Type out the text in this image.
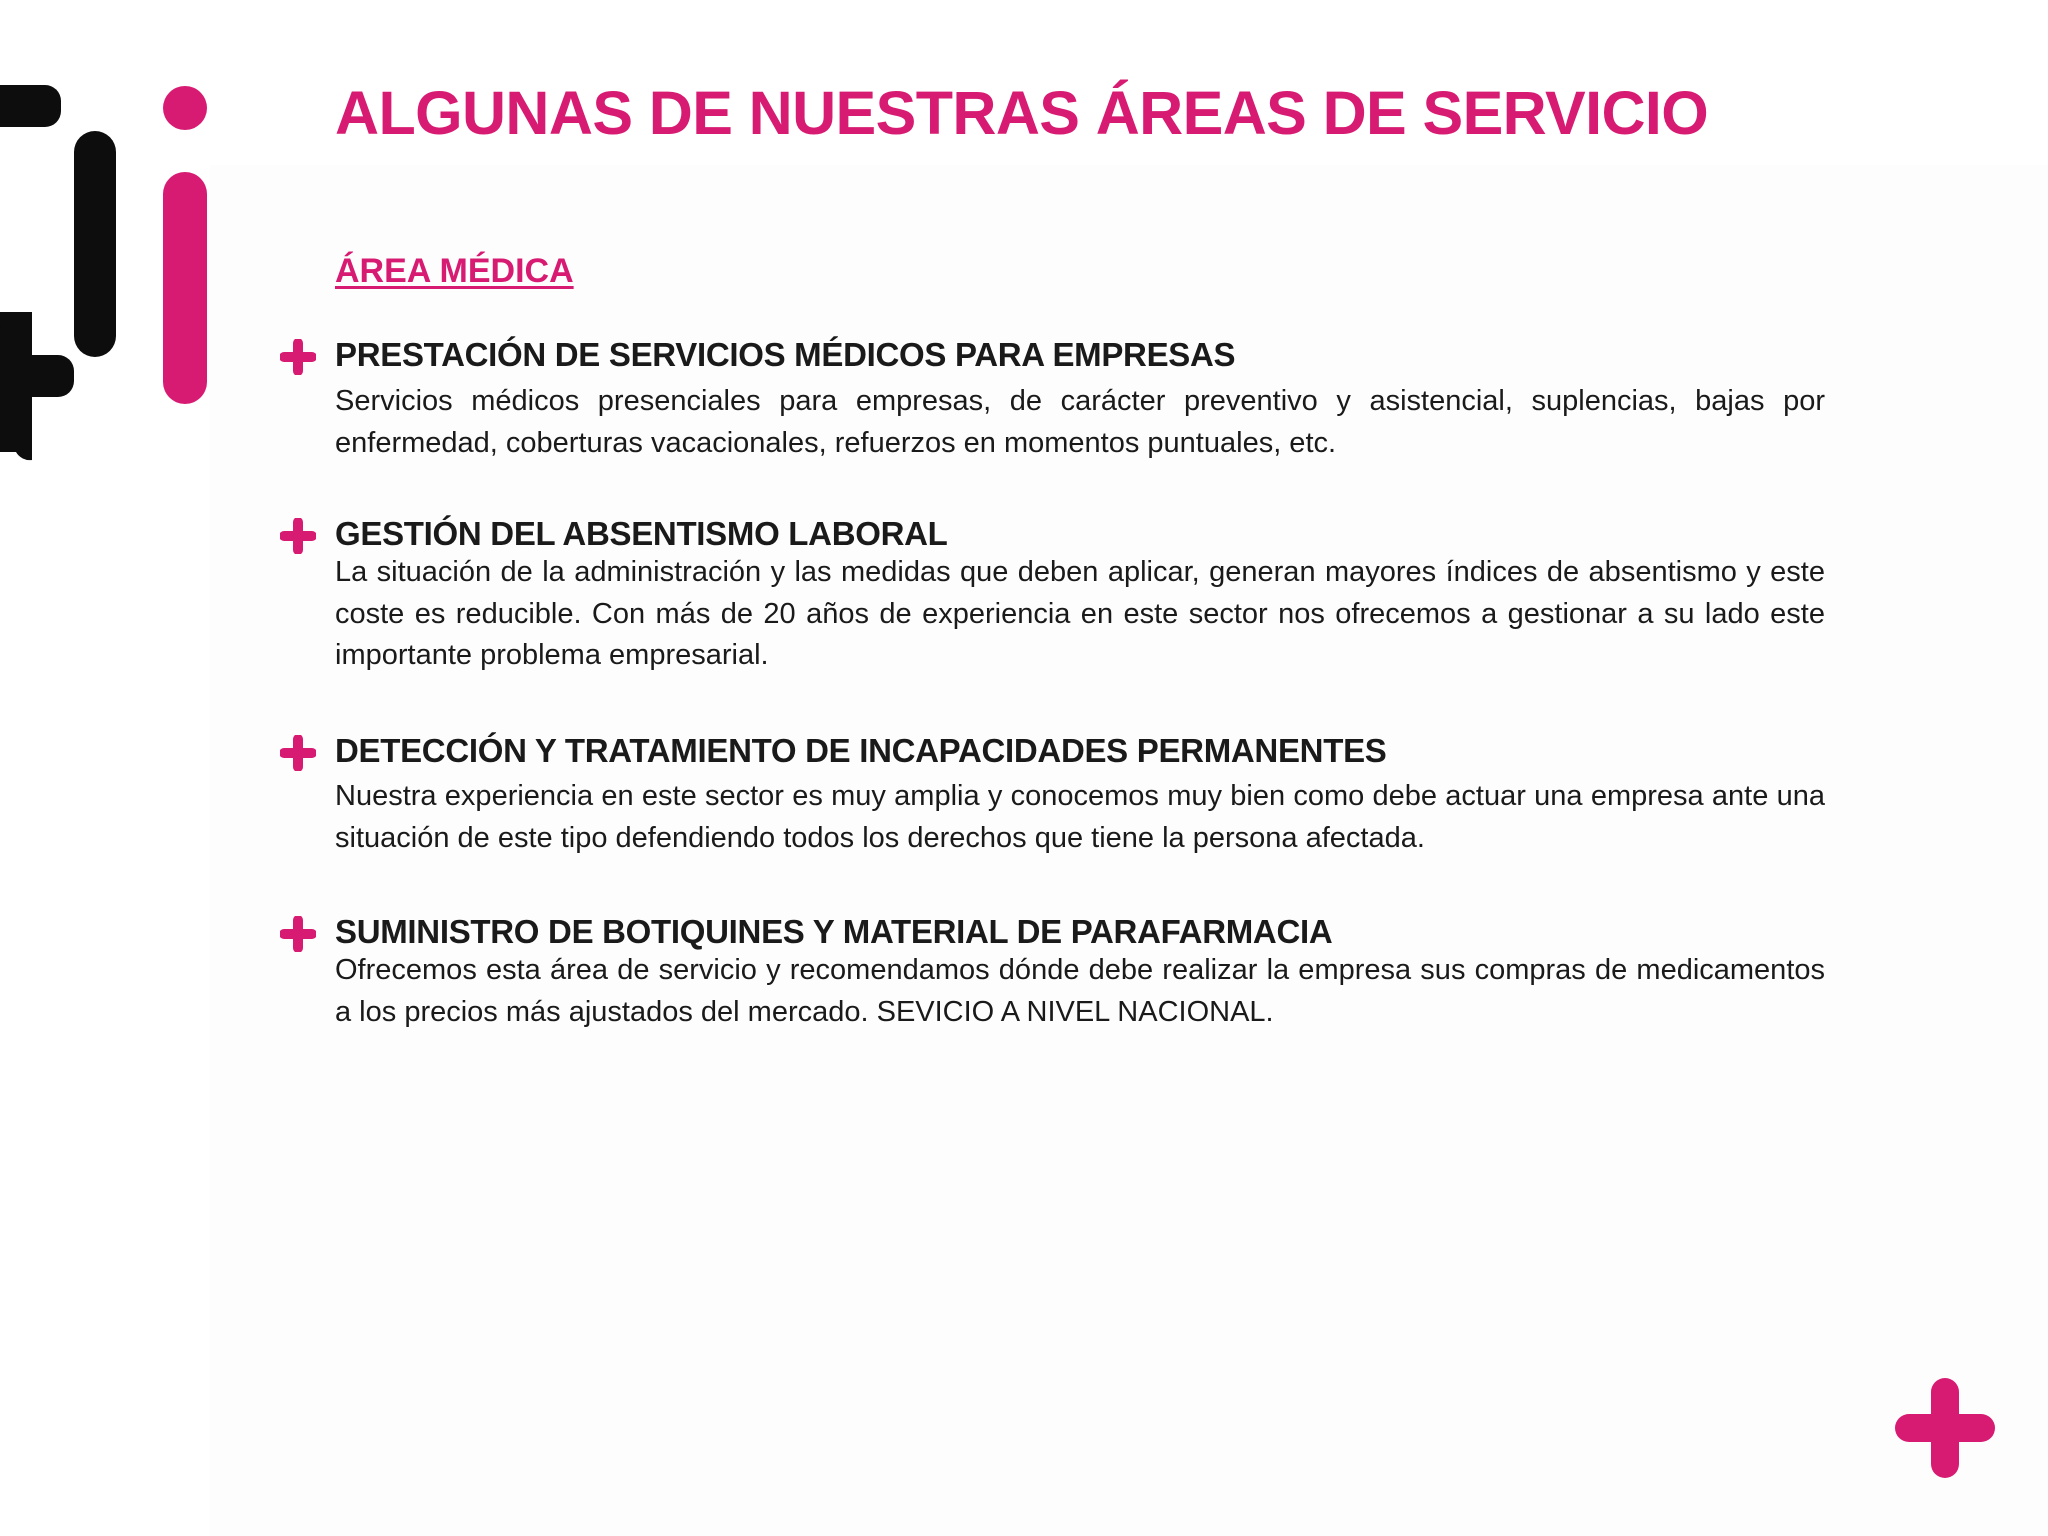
ALGUNAS DE NUESTRAS ÁREAS DE SERVICIO
ÁREA MÉDICA
PRESTACIÓN DE SERVICIOS MÉDICOS PARA EMPRESAS

Servicios médicos presenciales para empresas, de carácter preventivo y asistencial, suplencias, bajas por enfermedad, coberturas vacacionales, refuerzos en momentos puntuales, etc.

GESTIÓN DEL ABSENTISMO LABORAL

La situación de la administración y las medidas que deben aplicar, generan mayores índices de absentismo y este coste es reducible. Con más de 20 años de experiencia en este sector nos ofrecemos a gestionar a su lado este importante problema empresarial.

DETECCIÓN Y TRATAMIENTO DE INCAPACIDADES PERMANENTES

Nuestra experiencia en este sector es muy amplia y conocemos muy bien como debe actuar una empresa ante una situación de este tipo defendiendo todos los derechos que tiene la persona afectada.

SUMINISTRO DE BOTIQUINES Y MATERIAL DE PARAFARMACIA

Ofrecemos esta área de servicio y recomendamos dónde debe realizar la empresa sus compras de medicamentos a los precios más ajustados del mercado. SEVICIO A NIVEL NACIONAL.
